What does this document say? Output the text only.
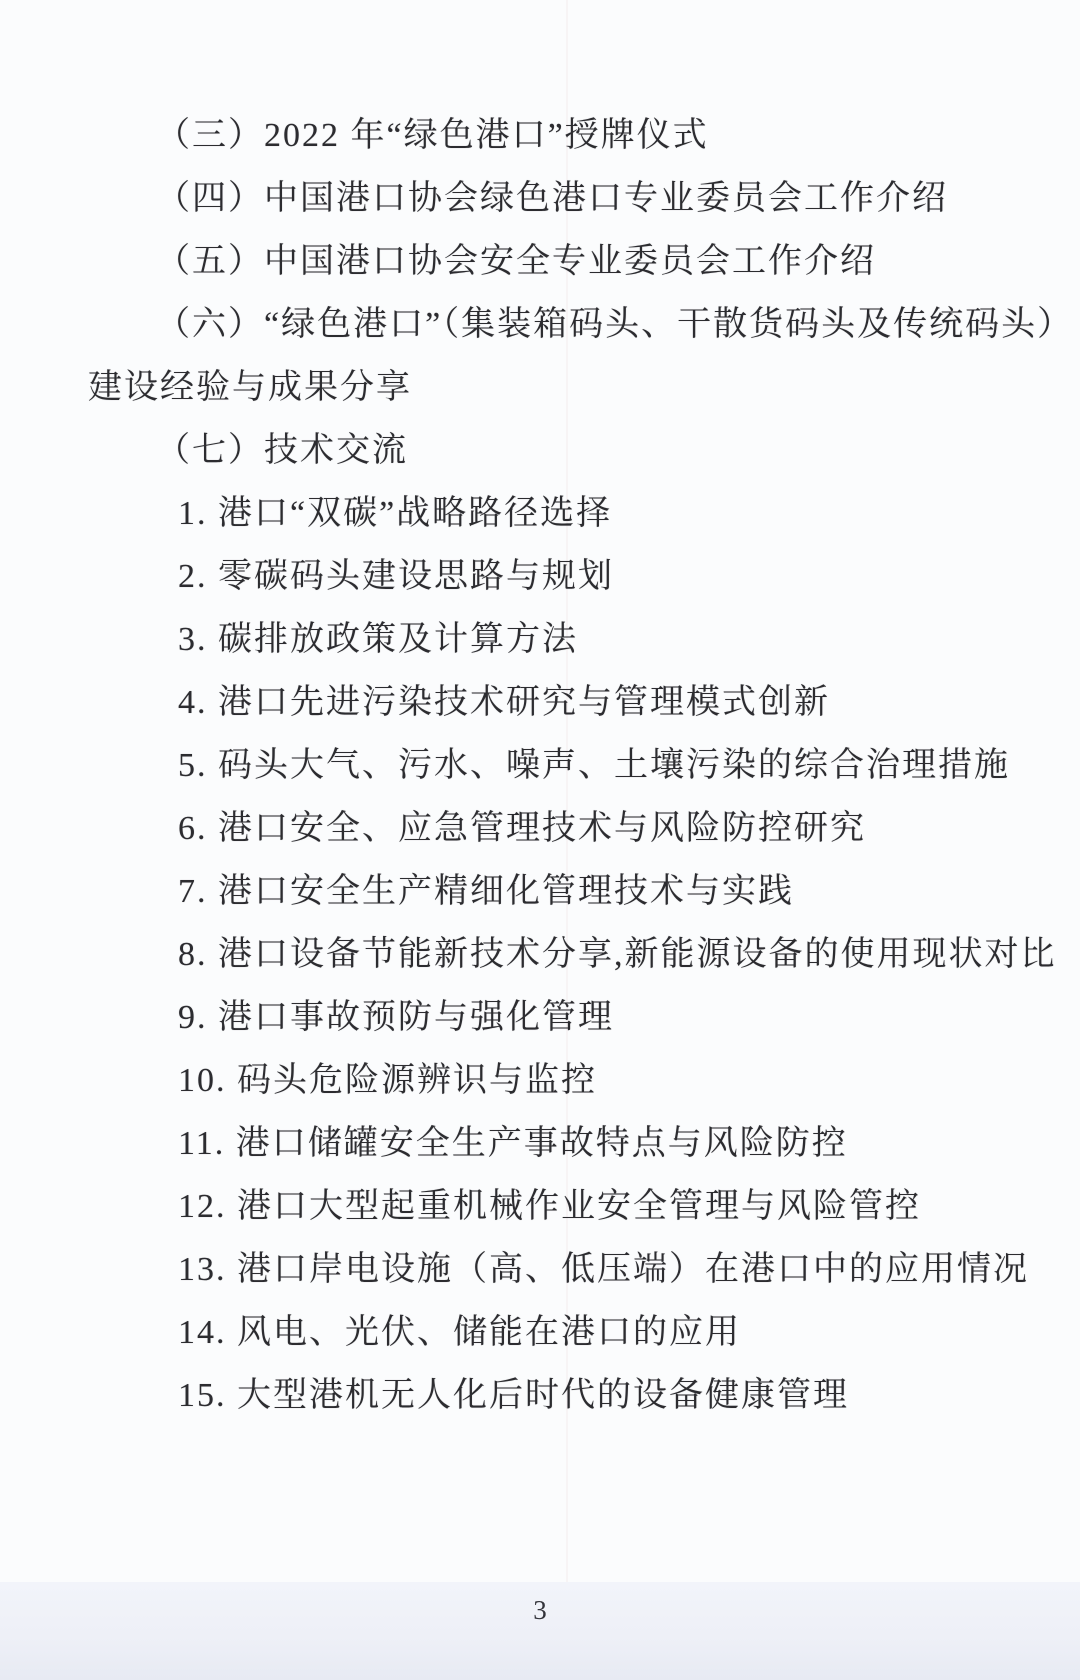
（三）2022 年“绿色港口”授牌仪式
（四）中国港口协会绿色港口专业委员会工作介绍
（五）中国港口协会安全专业委员会工作介绍
（六）“绿色港口”（集装箱码头、干散货码头及传统码头）
建设经验与成果分享
（七）技术交流
1. 港口“双碳”战略路径选择
2. 零碳码头建设思路与规划
3. 碳排放政策及计算方法
4. 港口先进污染技术研究与管理模式创新
5. 码头大气、污水、噪声、土壤污染的综合治理措施
6. 港口安全、应急管理技术与风险防控研究
7. 港口安全生产精细化管理技术与实践
8. 港口设备节能新技术分享,新能源设备的使用现状对比
9. 港口事故预防与强化管理
10. 码头危险源辨识与监控
11. 港口储罐安全生产事故特点与风险防控
12. 港口大型起重机械作业安全管理与风险管控
13. 港口岸电设施（高、低压端）在港口中的应用情况
14. 风电、光伏、储能在港口的应用
15. 大型港机无人化后时代的设备健康管理
3
